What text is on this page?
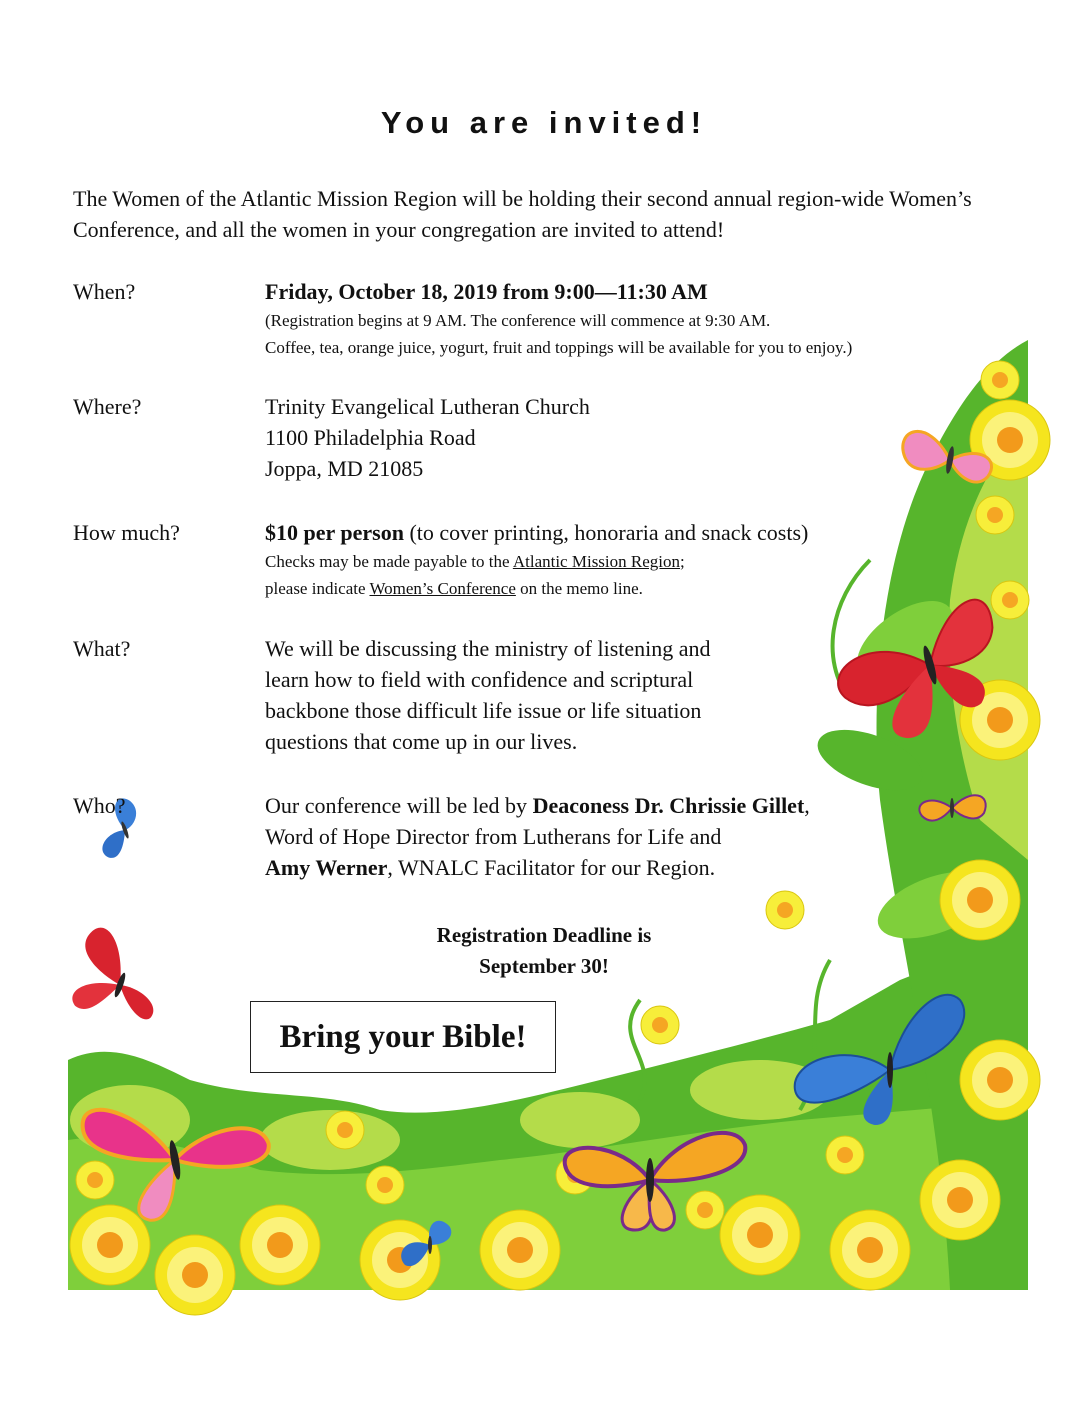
You are invited!
The Women of the Atlantic Mission Region will be holding their second annual region-wide Women’s Conference, and all the women in your congregation are invited to attend!
When?	Friday, October 18, 2019 from 9:00—11:30 AM
(Registration begins at 9 AM. The conference will commence at 9:30 AM.
Coffee, tea, orange juice, yogurt, fruit and toppings will be available for you to enjoy.)
Where?	Trinity Evangelical Lutheran Church
1100 Philadelphia Road
Joppa, MD 21085
How much?	$10 per person (to cover printing, honoraria and snack costs)
Checks may be made payable to the Atlantic Mission Region;
please indicate Women’s Conference on the memo line.
What?	We will be discussing the ministry of listening and
learn how to field with confidence and scriptural
backbone those difficult life issue or life situation
questions that come up in our lives.
Who?	Our conference will be led by Deaconess Dr. Chrissie Gillet,
Word of Hope Director from Lutherans for Life and
Amy Werner, WNALC Facilitator for our Region.
Registration Deadline is
September 30!
Bring your Bible!
